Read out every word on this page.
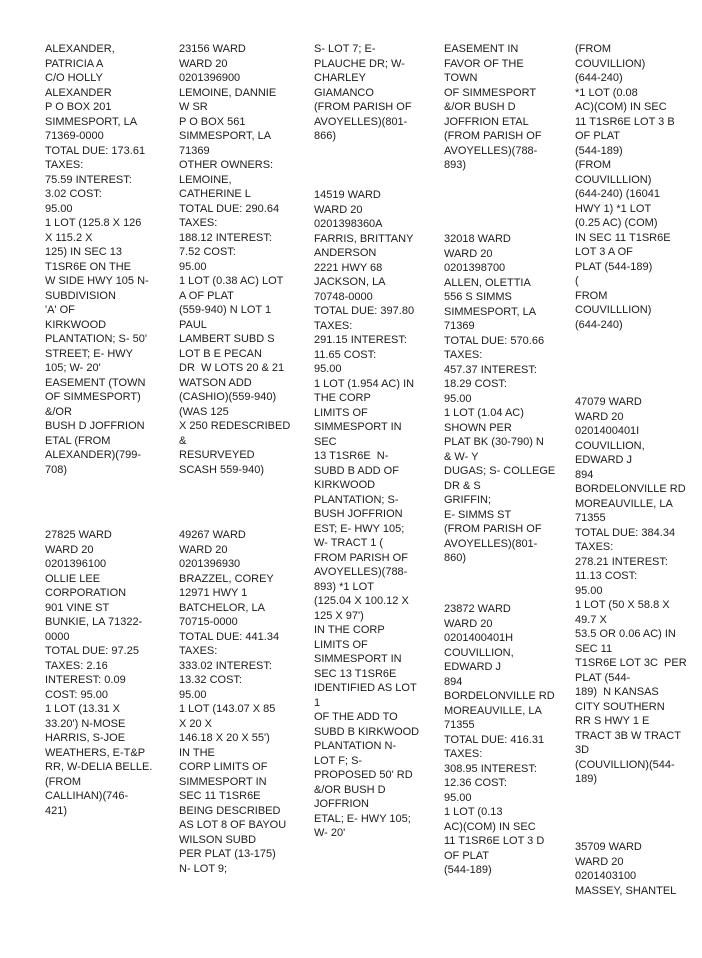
ALEXANDER,
PATRICIA A
C/O HOLLY
ALEXANDER
P O BOX 201
SIMMESPORT, LA
71369-0000
TOTAL DUE: 173.61
TAXES:
75.59 INTEREST:
3.02 COST:
95.00
1 LOT (125.8 X 126
X 115.2 X
125) IN SEC 13
T1SR6E ON THE
W SIDE HWY 105 N-
SUBDIVISION
'A' OF
KIRKWOOD
PLANTATION; S- 50'
STREET; E- HWY
105; W- 20'
EASEMENT (TOWN
OF SIMMESPORT)
&/OR
BUSH D JOFFRION
ETAL (FROM
ALEXANDER)(799-
708)
27825 WARD
WARD 20
0201396100
OLLIE LEE
CORPORATION
901 VINE ST
BUNKIE, LA 71322-
0000
TOTAL DUE: 97.25
TAXES: 2.16
INTEREST: 0.09
COST: 95.00
1 LOT (13.31 X
33.20') N-MOSE
HARRIS, S-JOE
WEATHERS, E-T&P
RR, W-DELIA BELLE.
(FROM
CALLIHAN)(746-
421)
23156 WARD
WARD 20
0201396900
LEMOINE, DANNIE
W SR
P O BOX 561
SIMMESPORT, LA
71369
OTHER OWNERS:
LEMOINE,
CATHERINE L
TOTAL DUE: 290.64
TAXES:
188.12 INTEREST:
7.52 COST:
95.00
1 LOT (0.38 AC) LOT
A OF PLAT
(559-940) N LOT 1
PAUL
LAMBERT SUBD S
LOT B E PECAN
DR  W LOTS 20 & 21
WATSON ADD
(CASHIO)(559-940)
(WAS 125
X 250 REDESCRIBED
&
RESURVEYED
SCASH 559-940)
49267 WARD
WARD 20
0201396930
BRAZZEL, COREY
12971 HWY 1
BATCHELOR, LA
70715-0000
TOTAL DUE: 441.34
TAXES:
333.02 INTEREST:
13.32 COST:
95.00
1 LOT (143.07 X 85
X 20 X
146.18 X 20 X 55')
IN THE
CORP LIMITS OF
SIMMESPORT IN
SEC 11 T1SR6E
BEING DESCRIBED
AS LOT 8 OF BAYOU
WILSON SUBD
PER PLAT (13-175)
N- LOT 9;
S- LOT 7; E-
PLAUCHE DR; W-
CHARLEY
GIAMANCO
(FROM PARISH OF
AVOYELLES)(801-
866)
14519 WARD
WARD 20
0201398360A
FARRIS, BRITTANY
ANDERSON
2221 HWY 68
JACKSON, LA
70748-0000
TOTAL DUE: 397.80
TAXES:
291.15 INTEREST:
11.65 COST:
95.00
1 LOT (1.954 AC) IN
THE CORP
LIMITS OF
SIMMESPORT IN
SEC
13 T1SR6E  N-
SUBD B ADD OF
KIRKWOOD
PLANTATION; S-
BUSH JOFFRION
EST; E- HWY 105;
W- TRACT 1 (
FROM PARISH OF
AVOYELLES)(788-
893) *1 LOT
(125.04 X 100.12 X
125 X 97')
IN THE CORP
LIMITS OF
SIMMESPORT IN
SEC 13 T1SR6E
IDENTIFIED AS LOT
1
OF THE ADD TO
SUBD B KIRKWOOD
PLANTATION N-
LOT F; S-
PROPOSED 50' RD
&/OR BUSH D
JOFFRION
ETAL; E- HWY 105;
W- 20'
EASEMENT IN
FAVOR OF THE
TOWN
OF SIMMESPORT
&/OR BUSH D
JOFFRION ETAL
(FROM PARISH OF
AVOYELLES)(788-
893)
32018 WARD
WARD 20
0201398700
ALLEN, OLETTIA
556 S SIMMS
SIMMESPORT, LA
71369
TOTAL DUE: 570.66
TAXES:
457.37 INTEREST:
18.29 COST:
95.00
1 LOT (1.04 AC)
SHOWN PER
PLAT BK (30-790) N
& W- Y
DUGAS; S- COLLEGE
DR & S
GRIFFIN;
E- SIMMS ST
(FROM PARISH OF
AVOYELLES)(801-
860)
23872 WARD
WARD 20
0201400401H
COUVILLION,
EDWARD J
894
BORDELONVILLE RD
MOREAUVILLE, LA
71355
TOTAL DUE: 416.31
TAXES:
308.95 INTEREST:
12.36 COST:
95.00
1 LOT (0.13
AC)(COM) IN SEC
11 T1SR6E LOT 3 D
OF PLAT
(544-189)
(FROM
COUVILLION)
(644-240)
*1 LOT (0.08
AC)(COM) IN SEC
11 T1SR6E LOT 3 B
OF PLAT
(544-189)
(FROM
COUVILLLION)
(644-240) (16041
HWY 1) *1 LOT
(0.25 AC) (COM)
IN SEC 11 T1SR6E
LOT 3 A OF
PLAT (544-189)
(
FROM
COUVILLLION)
(644-240)
47079 WARD
WARD 20
0201400401I
COUVILLION,
EDWARD J
894
BORDELONVILLE RD
MOREAUVILLE, LA
71355
TOTAL DUE: 384.34
TAXES:
278.21 INTEREST:
11.13 COST:
95.00
1 LOT (50 X 58.8 X
49.7 X
53.5 OR 0.06 AC) IN
SEC 11
T1SR6E LOT 3C  PER
PLAT (544-
189)  N KANSAS
CITY SOUTHERN
RR S HWY 1 E
TRACT 3B W TRACT
3D
(COUVILLION)(544-
189)
35709 WARD
WARD 20
0201403100
MASSEY, SHANTEL
